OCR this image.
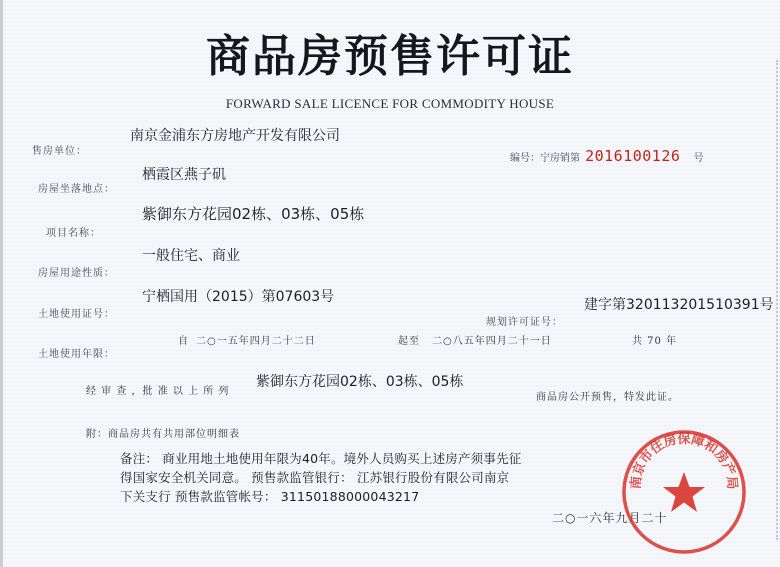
商品房预售许可证
FORWARD SALE LICENCE FOR COMMODITY HOUSE
售房单位：
南京金浦东方房地产开发有限公司
编号：宁房销第 2016100126 号
房屋坐落地点：
栖霞区燕子矶
紫御东方花园02栋、03栋、05栋
项目名称：
一般住宅、商业
房屋用途性质：
宁栖国用（2015）第07603号
土地使用证号：
规划许可证号：
建字第320113201510391号
自 二○一五年四月二十二日	起至 二○八五年四月二十一日	共 70 年
土地使用年限：
经 审 查 ，批 准 以 上 所 列
紫御东方花园02栋、03栋、05栋
商品房公开预售，特发此证。
附：商品房共有共用部位明细表
备注： 商业用地土地使用年限为40年。境外人员购买上述房产须事先征
得国家安全机关同意。 预售款监管银行： 江苏银行股份有限公司南京
下关支行 预售款监管帐号： 31150188000043217
二○一六年九月二十
南京市住房保障和房产局
